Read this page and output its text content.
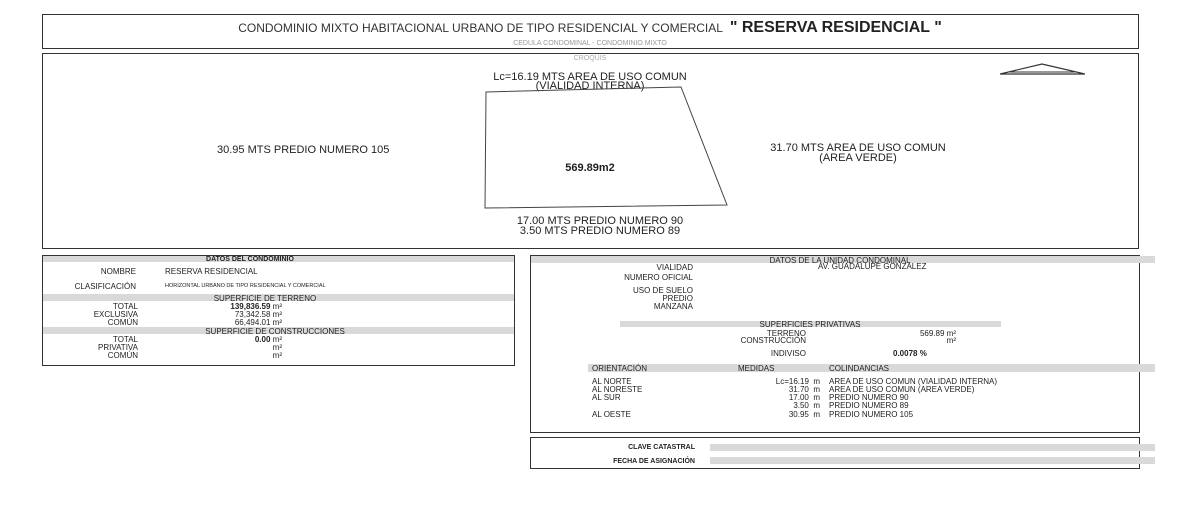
CONDOMINIO MIXTO HABITACIONAL URBANO DE TIPO RESIDENCIAL Y COMERCIAL " RESERVA RESIDENCIAL "
CEDULA CONDOMINAL - CONDOMINIO MIXTO
CROQUIS
Lc=16.19 MTS AREA DE USO COMUN
(VIALIDAD INTERNA)
30.95 MTS PREDIO NUMERO 105	31.70 MTS AREA DE USO COMUN
(AREA VERDE)
569.89m2
17.00 MTS PREDIO NUMERO 90
3.50 MTS PREDIO NUMERO 89
DATOS DEL CONDOMINIO
NOMBRE	RESERVA RESIDENCIAL
CLASIFICACIÓN	HORIZONTAL URBANO DE TIPO RESIDENCIAL Y COMERCIAL
SUPERFICIE DE TERRENO
TOTAL	139,836.59 m²
EXCLUSIVA	73,342.58 m²
COMÚN	66,494.01 m²
SUPERFICIE DE CONSTRUCCIONES
TOTAL	0.00 m²
PRIVATIVA	m²
COMÚN	m²
DATOS DE LA UNIDAD CONDOMINAL
VIALIDAD	AV. GUADALUPE GONZALEZ
NUMERO OFICIAL
USO DE SUELO
PREDIO
MANZANA
SUPERFICIES PRIVATIVAS
TERRENO	569.89 m²
CONSTRUCCIÓN	m²
INDIVISO	0.0078 %
ORIENTACIÓN	MEDIDAS	COLINDANCIAS
AL NORTE	Lc=16.19  m AREA DE USO COMUN (VIALIDAD INTERNA)
AL NORESTE	31.70  m AREA DE USO COMUN (AREA VERDE)
AL SUR	17.00  m PREDIO NUMERO 90
3.50  m PREDIO NUMERO 89
AL OESTE	30.95  m PREDIO NUMERO 105
CLAVE CATASTRAL
FECHA DE ASIGNACIÓN
